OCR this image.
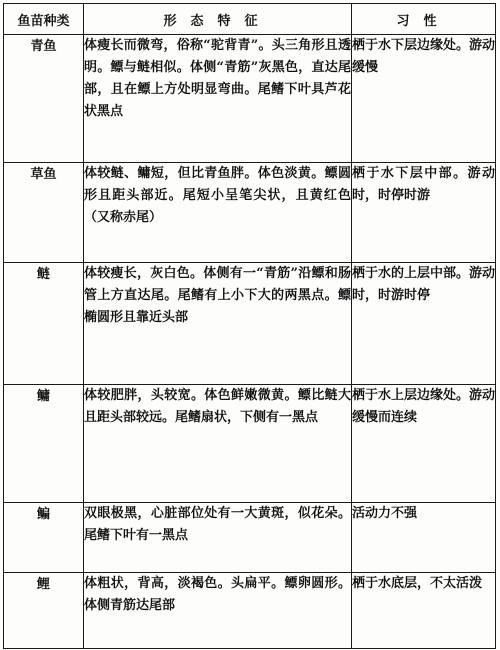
鱼苗种类	形态特征	习性
青鱼	体瘦长而微弯，俗称“驼背青”。头三角形且透明。鳔与鲢相似。体侧“青筋”灰黑色，直达尾部，且在鳔上方处明显弯曲。尾鳍下叶具芦花状黑点	栖于水下层边缘处。游动缓慢

草鱼	体较鲢、鳙短，但比青鱼胖。体色淡黄。鳔圆形且距头部近。尾短小呈笔尖状，且黄红色（又称赤尾）	栖于水下层中部。游动时，时停时游

鲢	体较瘦长，灰白色。体侧有一“青筋”沿鳔和肠管上方直达尾。尾鳍有上小下大的两黑点。鳔椭圆形且靠近头部	栖于水的上层中部。游动时，时游时停

鳙	体较肥胖，头较宽。体色鲜嫩微黄。鳔比鲢大且距头部较远。尾鳍扇状，下侧有一黑点	栖于水上层边缘处。游动缓慢而连续

鳊	双眼极黑，心脏部位处有一大黄斑，似花朵。尾鳍下叶有一黑点	活动力不强

鲤	体粗状，背高，淡褐色。头扁平。鳔卵圆形。体侧青筋达尾部	栖于水底层，不太活泼
